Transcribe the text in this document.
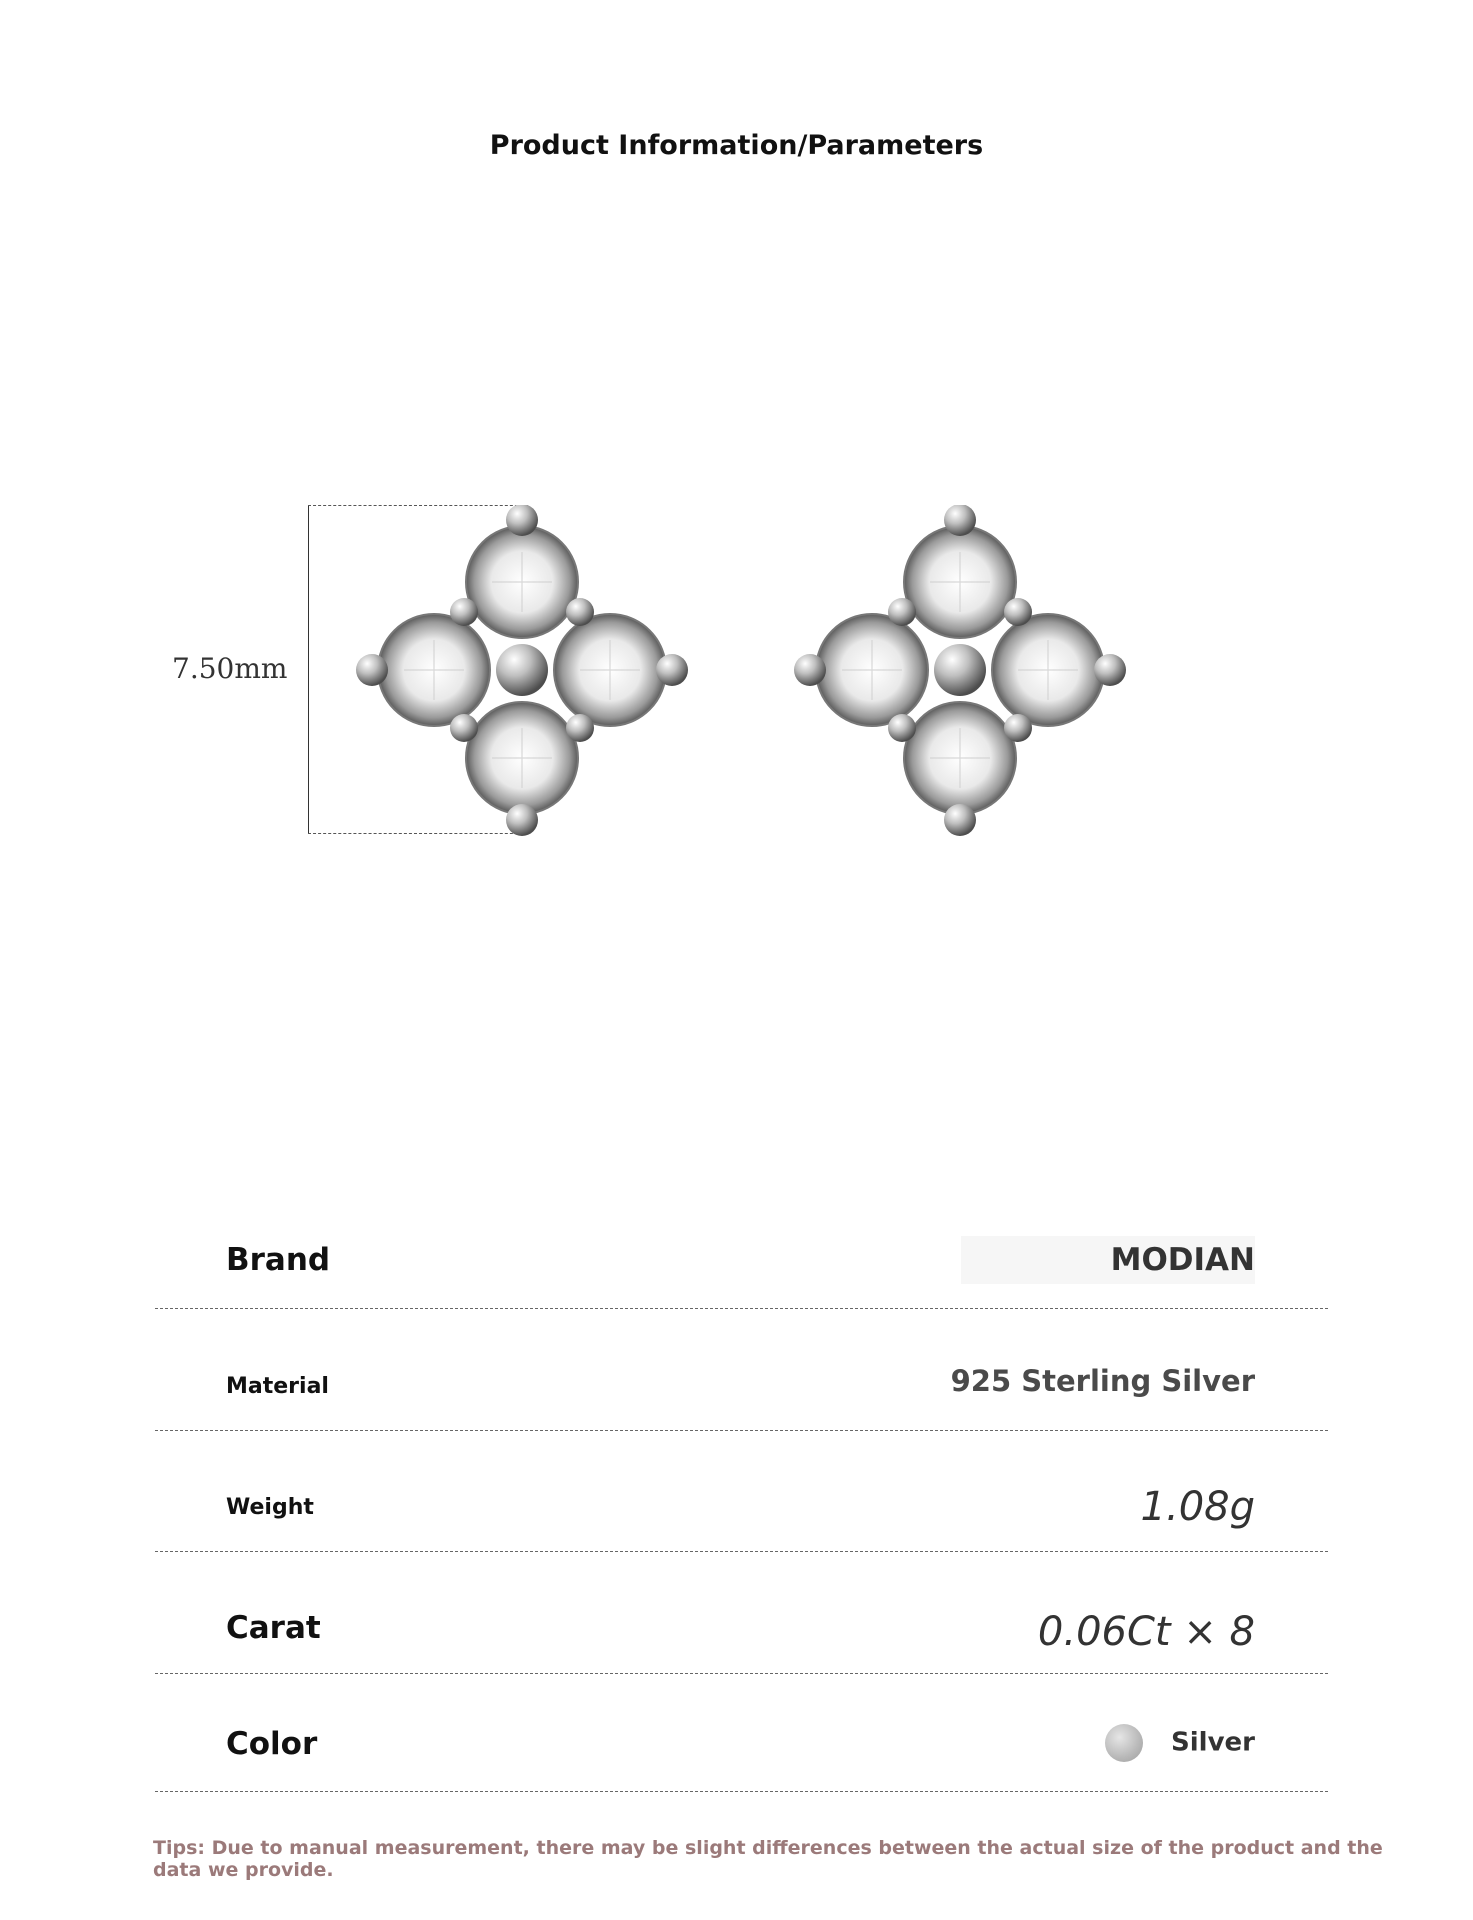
Product Information/Parameters
7.50mm
Brand	MODIAN
Material	925 Sterling Silver
Weight	1.08g
Carat	0.06Ct × 8
Color	Silver
Tips: Due to manual measurement, there may be slight differences between the actual size of the product and the data we provide.
